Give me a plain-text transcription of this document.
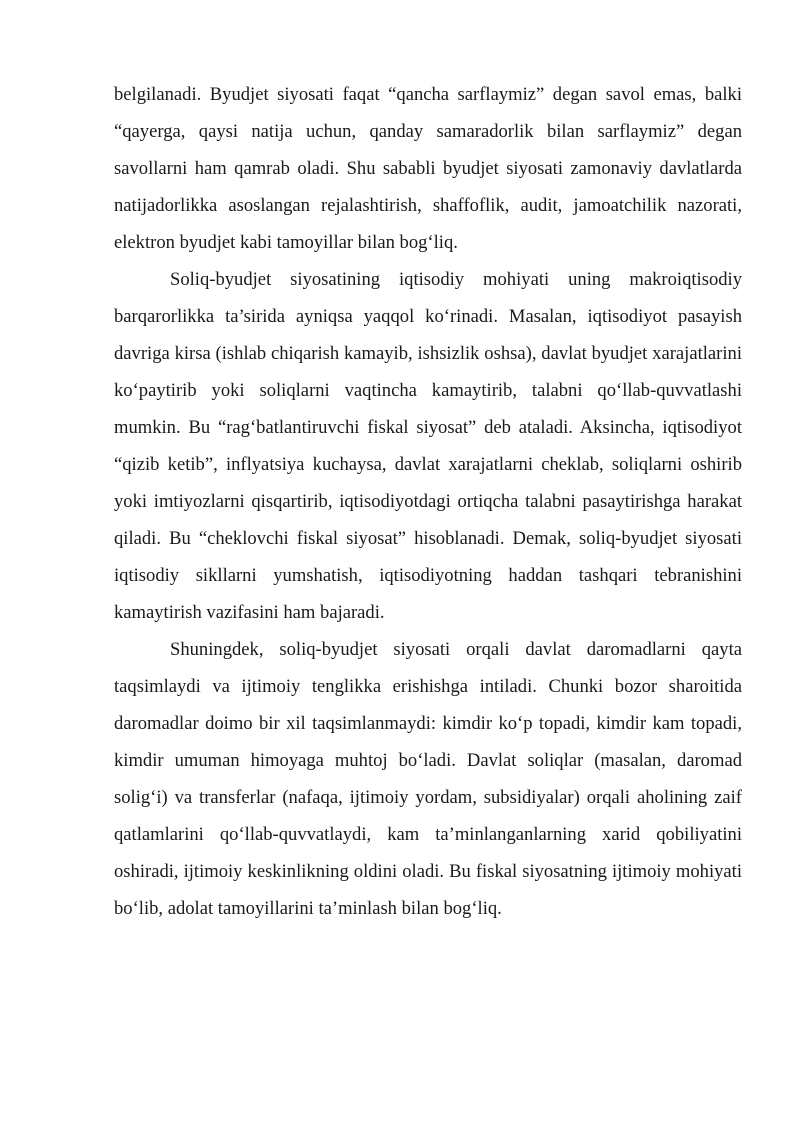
belgilanadi. Byudjet siyosati faqat “qancha sarflaymiz” degan savol emas, balki “qayerga, qaysi natija uchun, qanday samaradorlik bilan sarflaymiz” degan savollarni ham qamrab oladi. Shu sababli byudjet siyosati zamonaviy davlatlarda natijadorlikka asoslangan rejalashtirish, shaffoflik, audit, jamoatchilik nazorati, elektron byudjet kabi tamoyillar bilan bog‘liq.

Soliq-byudjet siyosatining iqtisodiy mohiyati uning makroiqtisodiy barqarorlikka ta’sirida ayniqsa yaqqol ko‘rinadi. Masalan, iqtisodiyot pasayish davriga kirsa (ishlab chiqarish kamayib, ishsizlik oshsa), davlat byudjet xarajatlarini ko‘paytirib yoki soliqlarni vaqtincha kamaytirib, talabni qo‘llab-quvvatlashi mumkin. Bu “rag‘batlantiruvchi fiskal siyosat” deb ataladi. Aksincha, iqtisodiyot “qizib ketib”, inflyatsiya kuchaysa, davlat xarajatlarni cheklab, soliqlarni oshirib yoki imtiyozlarni qisqartirib, iqtisodiyotdagi ortiqcha talabni pasaytirishga harakat qiladi. Bu “cheklovchi fiskal siyosat” hisoblanadi. Demak, soliq-byudjet siyosati iqtisodiy sikllarni yumshatish, iqtisodiyotning haddan tashqari tebranishini kamaytirish vazifasini ham bajaradi.

Shuningdek, soliq-byudjet siyosati orqali davlat daromadlarni qayta taqsimlaydi va ijtimoiy tenglikka erishishga intiladi. Chunki bozor sharoitida daromadlar doimo bir xil taqsimlanmaydi: kimdir ko‘p topadi, kimdir kam topadi, kimdir umuman himoyaga muhtoj bo‘ladi. Davlat soliqlar (masalan, daromad solig‘i) va transferlar (nafaqa, ijtimoiy yordam, subsidiyalar) orqali aholining zaif qatlamlarini qo‘llab-quvvatlaydi, kam ta’minlanganlarning xarid qobiliyatini oshiradi, ijtimoiy keskinlikning oldini oladi. Bu fiskal siyosatning ijtimoiy mohiyati bo‘lib, adolat tamoyillarini ta’minlash bilan bog‘liq.
